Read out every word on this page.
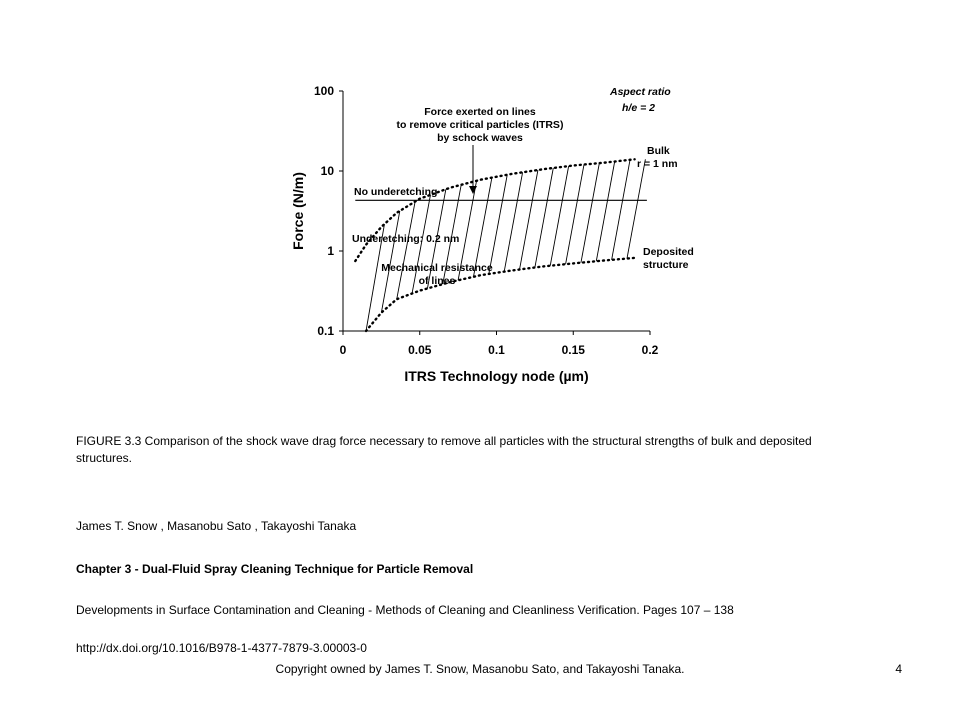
0.1
1
10
100
0	0.05	0.1	0.15	0.2
ITRS Technology node (µm)
Force (N/m)
Aspect ratio
h/e = 2
Force exerted on lines
to remove critical particles (ITRS)
by schock waves
No underetching
Underetching: 0.2 nm
Mechanical resistance
of lines
Bulk
r = 1 nm
Deposited
structure
FIGURE 3.3 Comparison of the shock wave drag force necessary to remove all particles with the structural strengths of bulk and deposited structures.
James T. Snow , Masanobu Sato , Takayoshi Tanaka
Chapter 3 - Dual-Fluid Spray Cleaning Technique for Particle Removal
Developments in Surface Contamination and Cleaning - Methods of Cleaning and Cleanliness Verification. Pages 107 – 138
http://dx.doi.org/10.1016/B978-1-4377-7879-3.00003-0
Copyright owned by James T. Snow, Masanobu Sato, and Takayoshi Tanaka.	4
